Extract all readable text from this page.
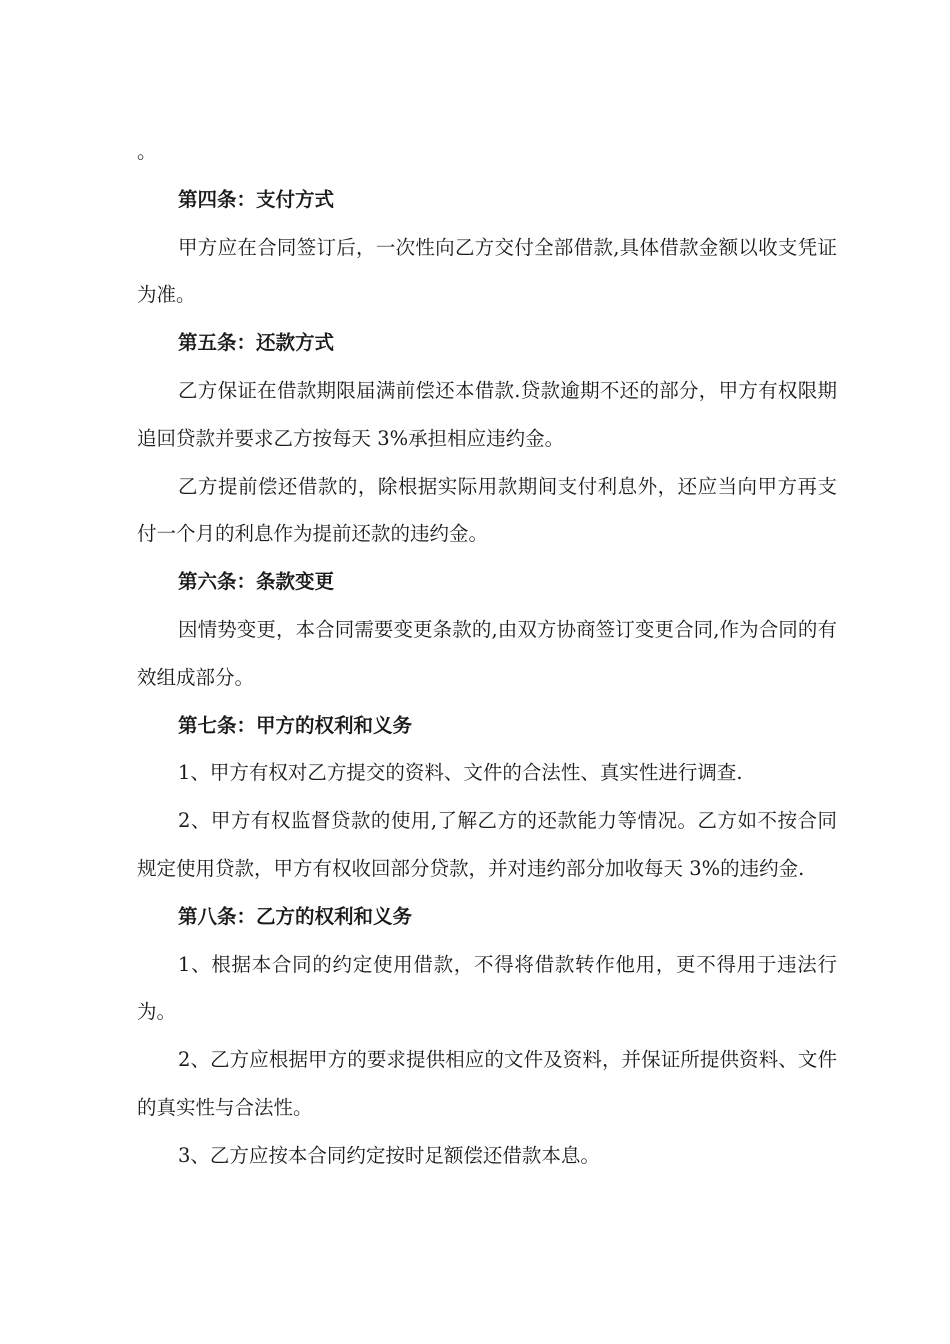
。

第四条：支付方式

甲方应在合同签订后，一次性向乙方交付全部借款,具体借款金额以收支凭证为准。

第五条：还款方式

乙方保证在借款期限届满前偿还本借款.贷款逾期不还的部分，甲方有权限期追回贷款并要求乙方按每天 3%承担相应违约金。

乙方提前偿还借款的，除根据实际用款期间支付利息外，还应当向甲方再支付一个月的利息作为提前还款的违约金。

第六条：条款变更

因情势变更，本合同需要变更条款的,由双方协商签订变更合同,作为合同的有效组成部分。

第七条：甲方的权利和义务

1、甲方有权对乙方提交的资料、文件的合法性、真实性进行调查.

2、甲方有权监督贷款的使用,了解乙方的还款能力等情况。乙方如不按合同规定使用贷款，甲方有权收回部分贷款，并对违约部分加收每天 3%的违约金.

第八条：乙方的权利和义务

1、根据本合同的约定使用借款，不得将借款转作他用，更不得用于违法行为。

2、乙方应根据甲方的要求提供相应的文件及资料，并保证所提供资料、文件的真实性与合法性。

3、乙方应按本合同约定按时足额偿还借款本息。
